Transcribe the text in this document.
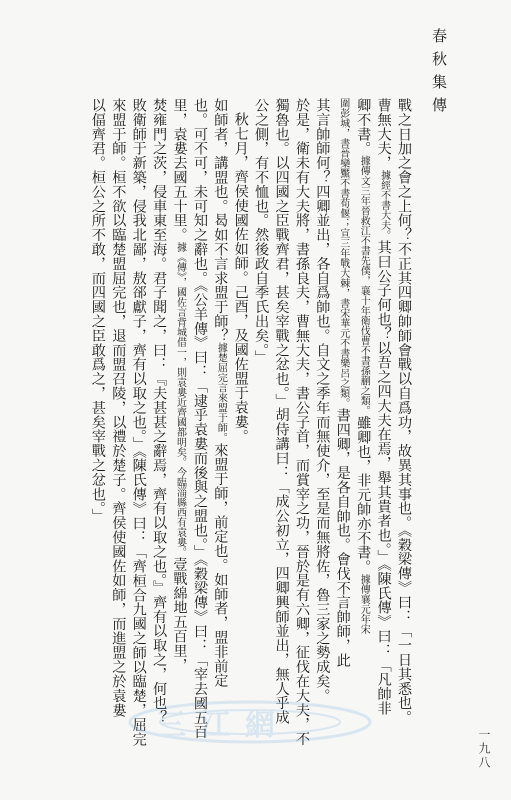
春秋集傳
戰之日加之會之上何？不正其四卿帥師會戰以自爲功，故異其事也。《穀梁傳》曰：「一日其悉也。
曹無大夫，據經不書大夫。其曰公子何也？以吾之四大夫在焉，舉其貴者也。」《陳氏傳》曰：「凡帥非
卿不書。據傳文三年晉救江不書先僕，襄十年衛伐曹不書孫蒯之類。雖卿也，非元帥亦不書。據傳襄元年宋
圍彭城，書晉欒黶不書荀偃；宣三年戰大棘，書宋華元不書樂呂之類。書四卿，是各自帥也。會伐不言帥師，此
其言帥師何？四卿並出，各自爲帥也。自文之季年而無使介，至是而無將佐，魯三家之勢成矣。
於是，衛未有大夫將，書孫良夫，曹無大夫，書公子首，而賞宰之功，晉於是有六卿，征伐在大夫，不
獨魯也。以四國之臣戰齊君，甚矣宰戰之忿也。」胡侍講曰：「成公初立，四卿興師並出，無人乎成
公之側，有不恤也。然後政自季氏出矣。」
秋七月，齊侯使國佐如師。己酉，及國佐盟于袁婁。
如師者，講盟也。曷如不言求盟于師？據楚屈完言來盟于師。來盟于師，前定也。如師者，盟非前定
也。可不可，未可知之辭也。《公羊傳》曰：「逮乎袁婁而後與之盟也。」《穀梁傳》曰：「宰去國五百
里，袁婁去國五十里。據《傳》，國佐言背城借一，則袁婁近齊國都明矣。今臨淄縣西有袁婁。壹戰綿地五百里，
焚雍門之茨，侵車東至海。君子聞之，曰：『夫甚甚之辭焉，齊有以取之也。』齊有以取之，何也？
敗衛師于新築，侵我北鄙，敖郤獻子，齊有以取之也。」《陳氏傳》曰：「齊桓合九國之師以臨楚，屈完
來盟于師。桓不欲以臨楚盟屈完也，退而盟召陵，以禮於楚子。齊侯使國佐如師，而進盟之於袁婁
以偪齊君。桓公之所不敢，而四國之臣敢爲之，甚矣宰戰之忿也。」
一九八
三 江 網
